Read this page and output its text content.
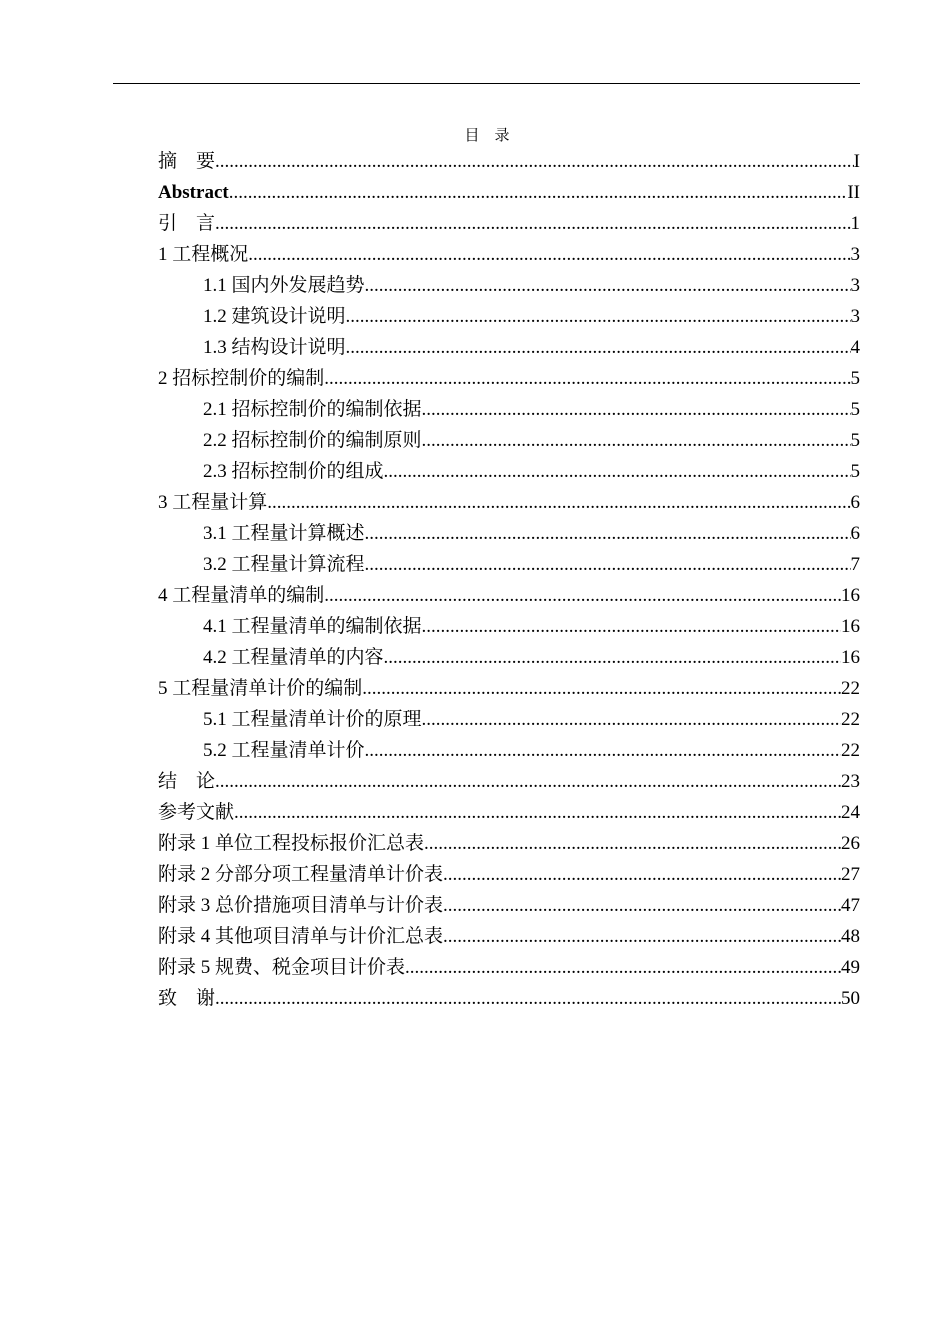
目　录
摘　要 .....	I
Abstract .....	II
引　言 .....	1
1 工程概况 .....	3
1.1 国内外发展趋势 .....	3
1.2 建筑设计说明 .....	3
1.3 结构设计说明 .....	4
2 招标控制价的编制 .....	5
2.1 招标控制价的编制依据 .....	5
2.2 招标控制价的编制原则 .....	5
2.3 招标控制价的组成 .....	5
3 工程量计算 .....	6
3.1 工程量计算概述 .....	6
3.2 工程量计算流程 .....	7
4 工程量清单的编制 .....	16
4.1 工程量清单的编制依据 .....	16
4.2 工程量清单的内容 .....	16
5 工程量清单计价的编制 .....	22
5.1 工程量清单计价的原理 .....	22
5.2 工程量清单计价 .....	22
结　论 .....	23
参考文献 .....	24
附录 1 单位工程投标报价汇总表 .....	26
附录 2 分部分项工程量清单计价表 .....	27
附录 3 总价措施项目清单与计价表 .....	47
附录 4 其他项目清单与计价汇总表 .....	48
附录 5 规费、税金项目计价表 .....	49
致　谢 .....	50
